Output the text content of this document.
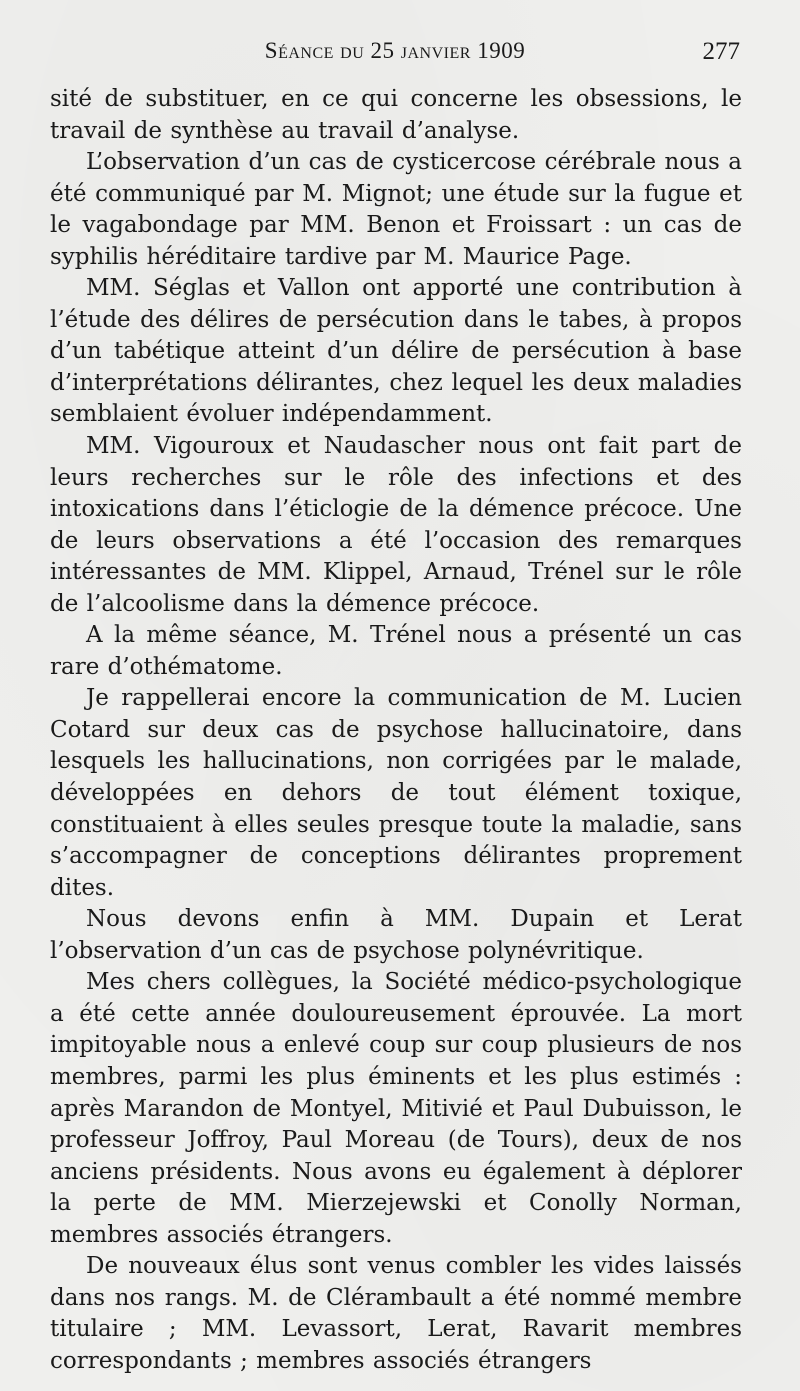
Séance du 25 janvier 1909	277

sité de substituer, en ce qui concerne les obsessions, le travail de synthèse au travail d’analyse.

L’observation d’un cas de cysticercose cérébrale nous a été communiqué par M. Mignot; une étude sur la fugue et le vagabondage par MM. Benon et Froissart : un cas de syphilis héréditaire tardive par M. Maurice Page.

MM. Séglas et Vallon ont apporté une contribution à l’étude des délires de persécution dans le tabes, à propos d’un tabétique atteint d’un délire de persécution à base d’interprétations délirantes, chez lequel les deux maladies semblaient évoluer indépendamment.

MM. Vigouroux et Naudascher nous ont fait part de leurs recherches sur le rôle des infections et des intoxications dans l’éticlogie de la démence précoce. Une de leurs observations a été l’occasion des remarques intéressantes de MM. Klippel, Arnaud, Trénel sur le rôle de l’alcoolisme dans la démence précoce.

A la même séance, M. Trénel nous a présenté un cas rare d’othématome.

Je rappellerai encore la communication de M. Lucien Cotard sur deux cas de psychose hallucinatoire, dans lesquels les hallucinations, non corrigées par le malade, développées en dehors de tout élément toxique, constituaient à elles seules presque toute la maladie, sans s’accompagner de conceptions délirantes proprement dites.

Nous devons enfin à MM. Dupain et Lerat l’observation d’un cas de psychose polynévritique.

Mes chers collègues, la Société médico-psychologique a été cette année douloureusement éprouvée. La mort impitoyable nous a enlevé coup sur coup plusieurs de nos membres, parmi les plus éminents et les plus estimés : après Marandon de Montyel, Mitivié et Paul Dubuisson, le professeur Joffroy, Paul Moreau (de Tours), deux de nos anciens présidents. Nous avons eu également à déplorer la perte de MM. Mierzejewski et Conolly Norman, membres associés étrangers.

De nouveaux élus sont venus combler les vides laissés dans nos rangs. M. de Clérambault a été nommé membre titulaire ; MM. Levassort, Lerat, Ravarit membres correspondants ; membres associés étrangers
